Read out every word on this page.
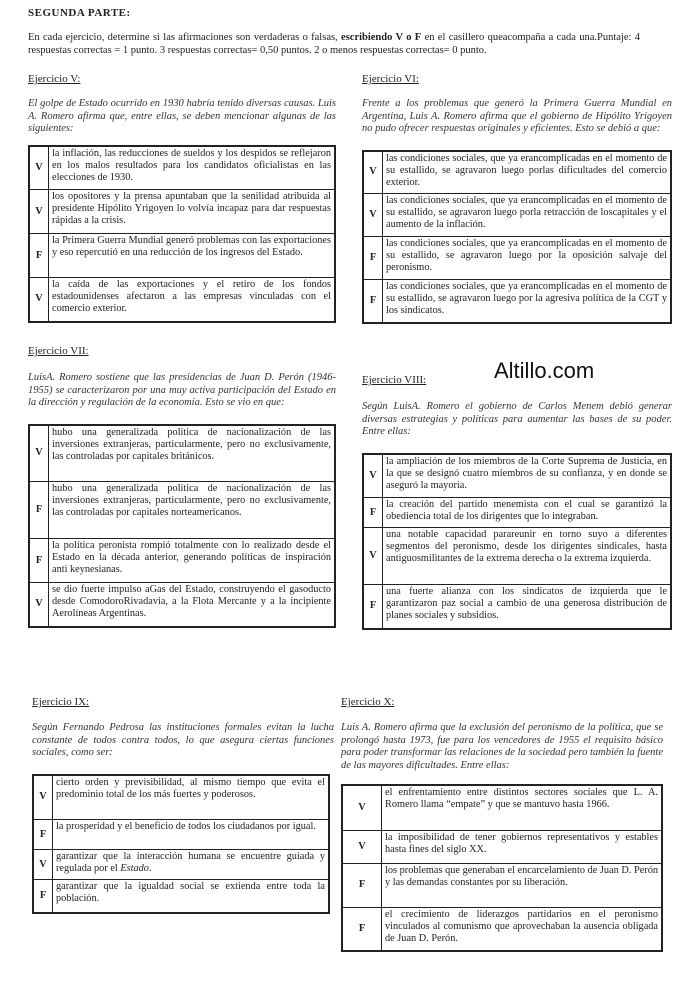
SEGUNDA PARTE:
En cada ejercicio, determine si las afirmaciones son verdaderas o falsas, escribiendo V o F en el casillero queacompaña a cada una.Puntaje: 4 respuestas correctas = 1 punto. 3 respuestas correctas= 0,50 puntos. 2 o menos respuestas correctas= 0 punto.
Ejercicio V:
El golpe de Estado ocurrido en 1930 habría tenido diversas causas. Luis A. Romero afirma que, entre ellas, se deben mencionar algunas de las siguientes:
V	la inflación, las reducciones de sueldos y los despidos se reflejaron en los malos resultados para los candidatos oficialistas en las elecciones de 1930.
V	los opositores y la prensa apuntaban que la senilidad atribuida al presidente Hipólito Yrigoyen lo volvía incapaz para dar respuestas rápidas a la crisis.
F	la Primera Guerra Mundial generó problemas con las exportaciones y eso repercutió en una reducción de los ingresos del Estado.
V	la caída de las exportaciones y el retiro de los fondos estadounidenses afectaron a las empresas vinculadas con el comercio exterior.
Ejercicio VI:
Frente a los problemas que generó la Primera Guerra Mundial en Argentina, Luis A. Romero afirma que el gobierno de Hipólito Yrigoyen no pudo ofrecer respuestas originales y eficientes. Esto se debió a que:
V	las condiciones sociales, que ya erancomplicadas en el momento de su estallido, se agravaron luego porlas dificultades del comercio exterior.
V	las condiciones sociales, que ya erancomplicadas en el momento de su estallido, se agravaron luego porla retracción de loscapitales y el aumento de la inflación.
F	las condiciones sociales, que ya erancomplicadas en el momento de su estallido, se agravaron luego por la oposición salvaje del peronismo.
F	las condiciones sociales, que ya erancomplicadas en el momento de su estallido, se agravaron luego por la agresiva política de la CGT y los sindicatos.
Altillo.com
Ejercicio VII:
LuisA. Romero sostiene que las presidencias de Juan D. Perón (1946-1955) se caracterizaron por una muy activa participación del Estado en la dirección y regulación de la economía. Esto se vio en que:
V	hubo una generalizada política de nacionalización de las inversiones extranjeras, particularmente, pero no exclusivamente, las controladas por capitales británicos.
F	hubo una generalizada política de nacionalización de las inversiones extranjeras, particularmente, pero no exclusivamente, las controladas por capitales norteamericanos.
F	la política peronista rompió totalmente con lo realizado desde el Estado en la década anterior, generando políticas de inspiración anti keynesianas.
V	se dio fuerte impulso aGas del Estado, construyendo el gasoducto desde ComodoroRivadavia, a la Flota Mercante y a la incipiente Aerolíneas Argentinas.
Ejercicio VIII:
Según LuisA. Romero el gobierno de Carlos Menem debió generar diversas estrategias y políticas para aumentar las bases de su poder. Entre ellas:
V	la ampliación de los miembros de la Corte Suprema de Justicia, en la que se designó cuatro miembros de su confianza, y en donde se aseguró la mayoría.
F	la creación del partido menemista con el cual se garantizó la obediencia total de los dirigentes que lo integraban.
V	una notable capacidad parareunir en torno suyo a diferentes segmentos del peronismo, desde los dirigentes sindicales, hasta antiguosmilitantes de la extrema derecha o la extrema izquierda.
F	una fuerte alianza con los sindicatos de izquierda que le garantizaron paz social a cambio de una generosa distribución de planes sociales y subsidios.
Ejercicio IX:
Según Fernando Pedrosa las instituciones formales evitan la lucha constante de todos contra todos, lo que asegura ciertas funciones sociales, como ser:
V	cierto orden y previsibilidad, al mismo tiempo que evita el predominio total de los más fuertes y poderosos.
F	la prosperidad y el beneficio de todos los ciudadanos por igual.
V	garantizar que la interacción humana se encuentre guiada y regulada por el Estado.
F	garantizar que la igualdad social se extienda entre toda la población.
Ejercicio X:
Luis A. Romero afirma que la exclusión del peronismo de la política, que se prolongó hasta 1973, fue para los vencedores de 1955 el requisito básico para poder transformar las relaciones de la sociedad pero también la fuente de las mayores dificultades. Entre ellas:
V	el enfrentamiento entre distintos sectores sociales que L. A. Romero llama “empate” y que se mantuvo hasta 1966.
V	la imposibilidad de tener gobiernos representativos y estables hasta fines del siglo XX.
F	los problemas que generaban el encarcelamiento de Juan D. Perón y las demandas constantes por su liberación.
F	el crecimiento de liderazgos partidarios en el peronismo vinculados al comunismo que aprovechaban la ausencia obligada de Juan D. Perón.
